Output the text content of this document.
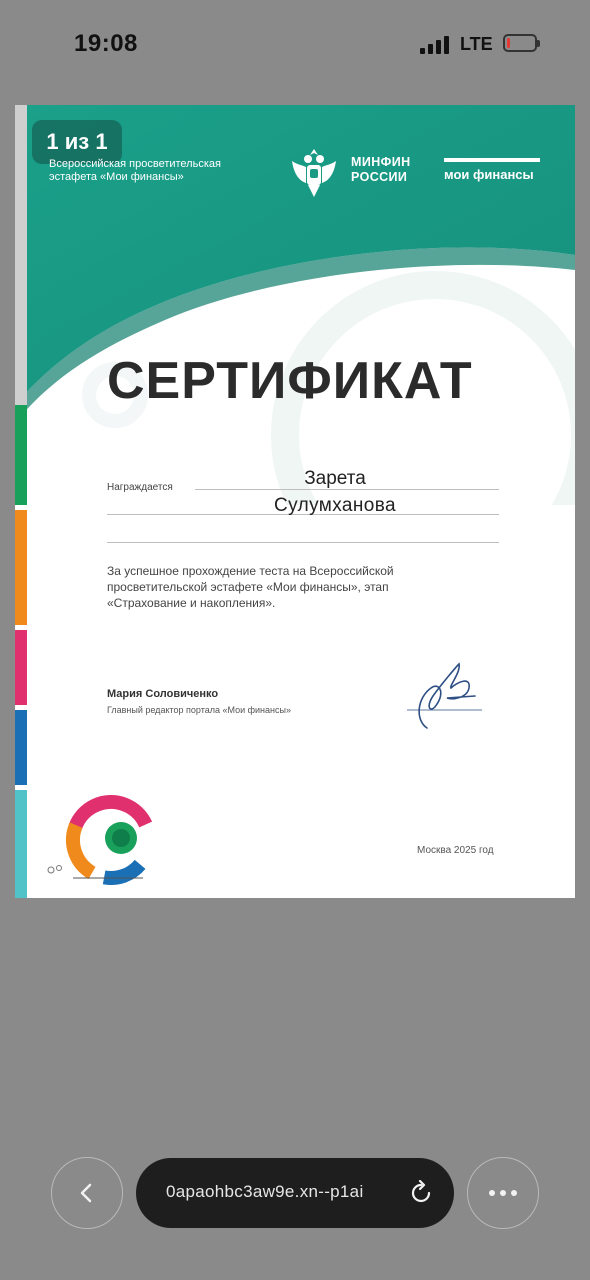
19:08	LTE
1 из 1
Всероссийская просветительская эстафета «Мои финансы»
МИНФИН
РОССИИ	мои финансы
СЕРТИФИКАТ
Награждается	Зарета
Сулумханова
За успешное прохождение теста на Всероссийской просветительской эстафете «Мои финансы», этап «Страхование и накопления».
Мария Соловиченко
Главный редактор портала «Мои финансы»
Москва 2025 год
0apaohbc3aw9e.xn--p1ai
